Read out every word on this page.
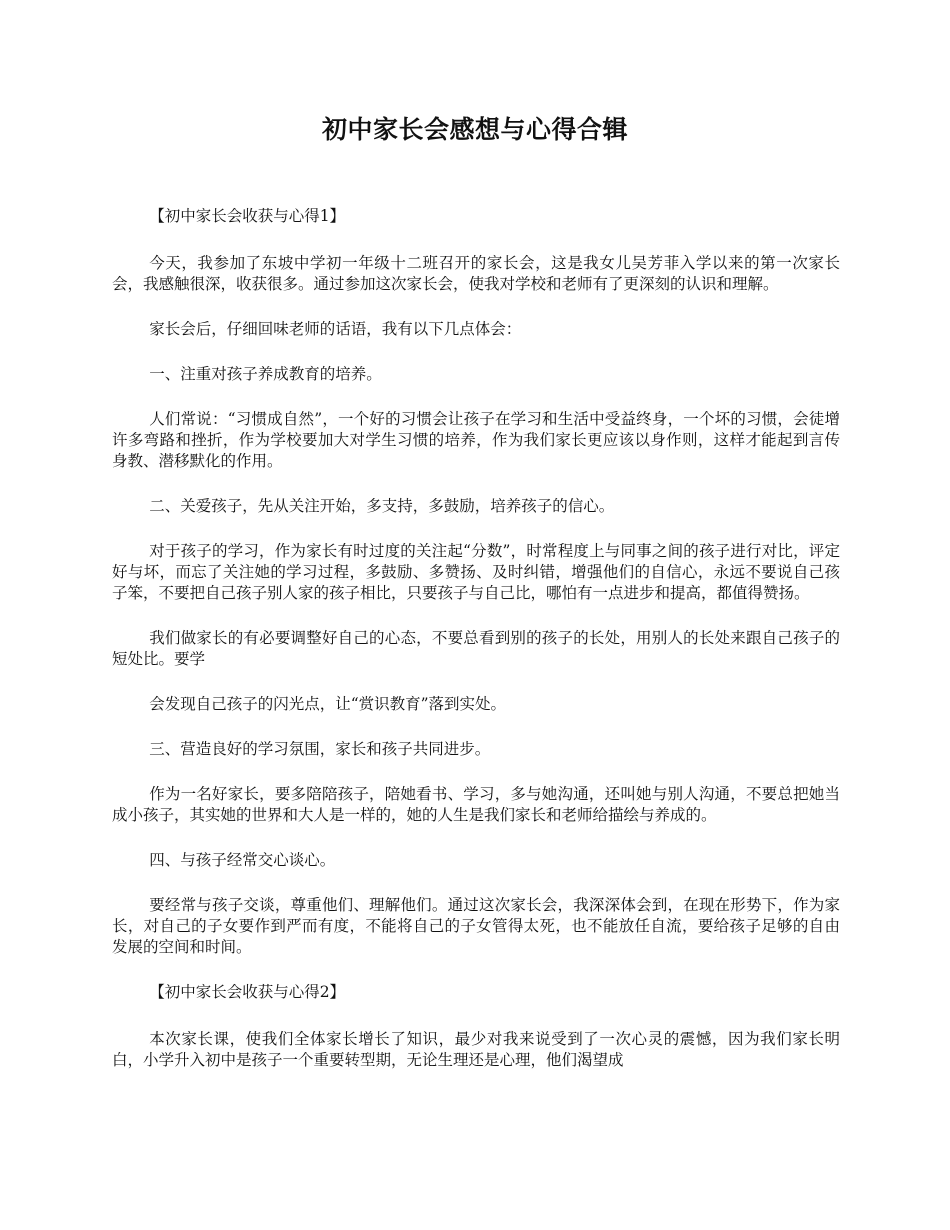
初中家长会感想与心得合辑

【初中家长会收获与心得1】

今天，我参加了东坡中学初一年级十二班召开的家长会，这是我女儿吴芳菲入学以来的第一次家长会，我感触很深，收获很多。通过参加这次家长会，使我对学校和老师有了更深刻的认识和理解。

家长会后，仔细回味老师的话语，我有以下几点体会：

一、注重对孩子养成教育的培养。

人们常说：“习惯成自然”，一个好的习惯会让孩子在学习和生活中受益终身，一个坏的习惯，会徒增许多弯路和挫折，作为学校要加大对学生习惯的培养，作为我们家长更应该以身作则，这样才能起到言传身教、潜移默化的作用。

二、关爱孩子，先从关注开始，多支持，多鼓励，培养孩子的信心。

对于孩子的学习，作为家长有时过度的关注起“分数”，时常程度上与同事之间的孩子进行对比，评定好与坏，而忘了关注她的学习过程，多鼓励、多赞扬、及时纠错，增强他们的自信心，永远不要说自己孩子笨，不要把自己孩子别人家的孩子相比，只要孩子与自己比，哪怕有一点进步和提高，都值得赞扬。

我们做家长的有必要调整好自己的心态，不要总看到别的孩子的长处，用别人的长处来跟自己孩子的短处比。要学

会发现自己孩子的闪光点，让“赏识教育”落到实处。

三、营造良好的学习氛围，家长和孩子共同进步。

作为一名好家长，要多陪陪孩子，陪她看书、学习，多与她沟通，还叫她与别人沟通，不要总把她当成小孩子，其实她的世界和大人是一样的，她的人生是我们家长和老师给描绘与养成的。

四、与孩子经常交心谈心。

要经常与孩子交谈，尊重他们、理解他们。通过这次家长会，我深深体会到，在现在形势下，作为家长，对自己的子女要作到严而有度，不能将自己的子女管得太死，也不能放任自流，要给孩子足够的自由发展的空间和时间。

【初中家长会收获与心得2】

本次家长课，使我们全体家长增长了知识，最少对我来说受到了一次心灵的震憾，因为我们家长明白，小学升入初中是孩子一个重要转型期，无论生理还是心理，他们渴望成
